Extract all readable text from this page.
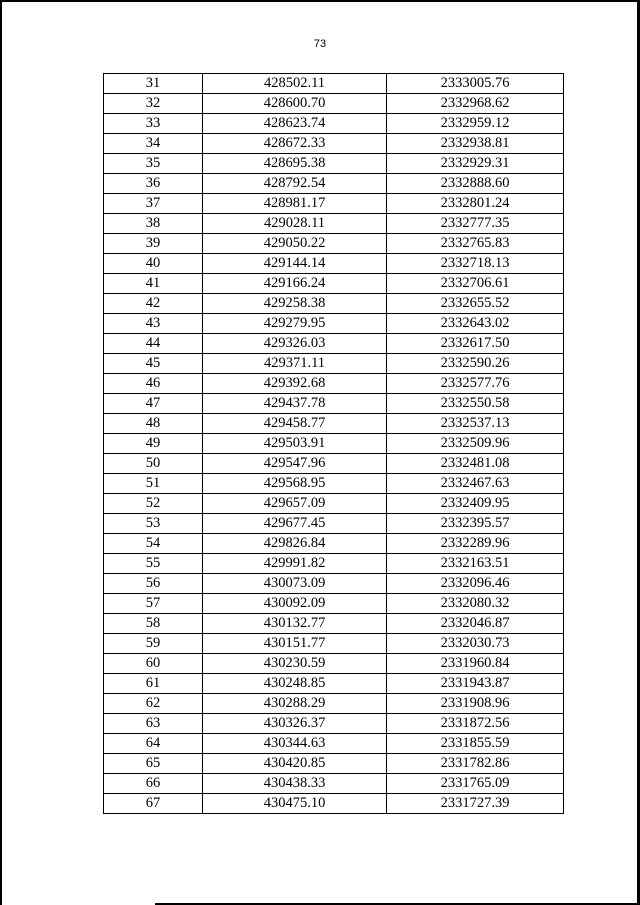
73
31	428502.11	2333005.76
32	428600.70	2332968.62
33	428623.74	2332959.12
34	428672.33	2332938.81
35	428695.38	2332929.31
36	428792.54	2332888.60
37	428981.17	2332801.24
38	429028.11	2332777.35
39	429050.22	2332765.83
40	429144.14	2332718.13
41	429166.24	2332706.61
42	429258.38	2332655.52
43	429279.95	2332643.02
44	429326.03	2332617.50
45	429371.11	2332590.26
46	429392.68	2332577.76
47	429437.78	2332550.58
48	429458.77	2332537.13
49	429503.91	2332509.96
50	429547.96	2332481.08
51	429568.95	2332467.63
52	429657.09	2332409.95
53	429677.45	2332395.57
54	429826.84	2332289.96
55	429991.82	2332163.51
56	430073.09	2332096.46
57	430092.09	2332080.32
58	430132.77	2332046.87
59	430151.77	2332030.73
60	430230.59	2331960.84
61	430248.85	2331943.87
62	430288.29	2331908.96
63	430326.37	2331872.56
64	430344.63	2331855.59
65	430420.85	2331782.86
66	430438.33	2331765.09
67	430475.10	2331727.39
